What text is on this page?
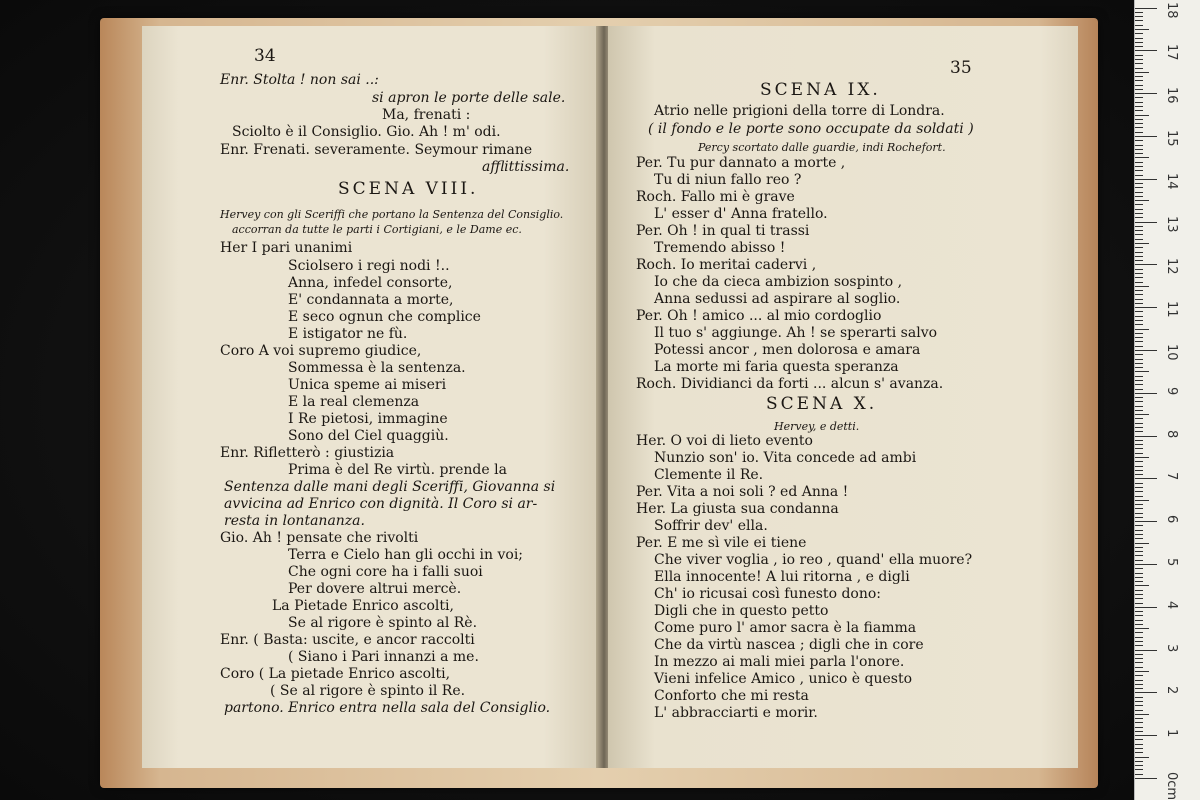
34
Enr. Stolta ! non sai ..:
si apron le porte delle sale.
Ma, frenati :
Sciolto è il Consiglio. Gio. Ah ! m' odi.
Enr. Frenati. severamente. Seymour rimane
afflittissima.
SCENA VIII.
Hervey con gli Sceriffi che portano la Sentenza del Consiglio.
accorran da tutte le parti i Cortigiani, e le Dame ec.
Her I pari unanimi
Sciolsero i regi nodi !..
Anna, infedel consorte,
E' condannata a morte,
E seco ognun che complice
E istigator ne fù.
Coro A voi supremo giudice,
Sommessa è la sentenza.
Unica speme ai miseri
E la real clemenza
I Re pietosi, immagine
Sono del Ciel quaggiù.
Enr. Rifletterò : giustizia
Prima è del Re virtù. prende la
Sentenza dalle mani degli Sceriffi, Giovanna si
avvicina ad Enrico con dignità. Il Coro si ar-
resta in lontananza.
Gio. Ah ! pensate che rivolti
Terra e Cielo han gli occhi in voi;
Che ogni core ha i falli suoi
Per dovere altrui mercè.
La Pietade Enrico ascolti,
Se al rigore è spinto al Rè.
Enr. ( Basta: uscite, e ancor raccolti
( Siano i Pari innanzi a me.
Coro ( La pietade Enrico ascolti,
( Se al rigore è spinto il Re.
partono. Enrico entra nella sala del Consiglio.
35
SCENA IX.
Atrio nelle prigioni della torre di Londra.
( il fondo e le porte sono occupate da soldati )
Percy scortato dalle guardie, indi Rochefort.
Per. Tu pur dannato a morte ,
Tu di niun fallo reo ?
Roch. Fallo mi è grave
L' esser d' Anna fratello.
Per. Oh ! in qual ti trassi
Tremendo abisso !
Roch. Io meritai cadervi ,
Io che da cieca ambizion sospinto ,
Anna sedussi ad aspirare al soglio.
Per. Oh ! amico ... al mio cordoglio
Il tuo s' aggiunge. Ah ! se sperarti salvo
Potessi ancor , men dolorosa e amara
La morte mi faria questa speranza
Roch. Dividianci da forti ... alcun s' avanza.
SCENA X.
Hervey, e detti.
Her. O voi di lieto evento
Nunzio son' io. Vita concede ad ambi
Clemente il Re.
Per. Vita a noi soli ? ed Anna !
Her. La giusta sua condanna
Soffrir dev' ella.
Per. E me sì vile ei tiene
Che viver voglia , io reo , quand' ella muore?
Ella innocente! A lui ritorna , e digli
Ch' io ricusai così funesto dono:
Digli che in questo petto
Come puro l' amor sacra è la fiamma
Che da virtù nascea ; digli che in core
In mezzo ai mali miei parla l'onore.
Vieni infelice Amico , unico è questo
Conforto che mi resta
L' abbracciarti e morir.
0cm
1
2
3
4
5
6
7
8
9
10
11
12
13
14
15
16
17
18
